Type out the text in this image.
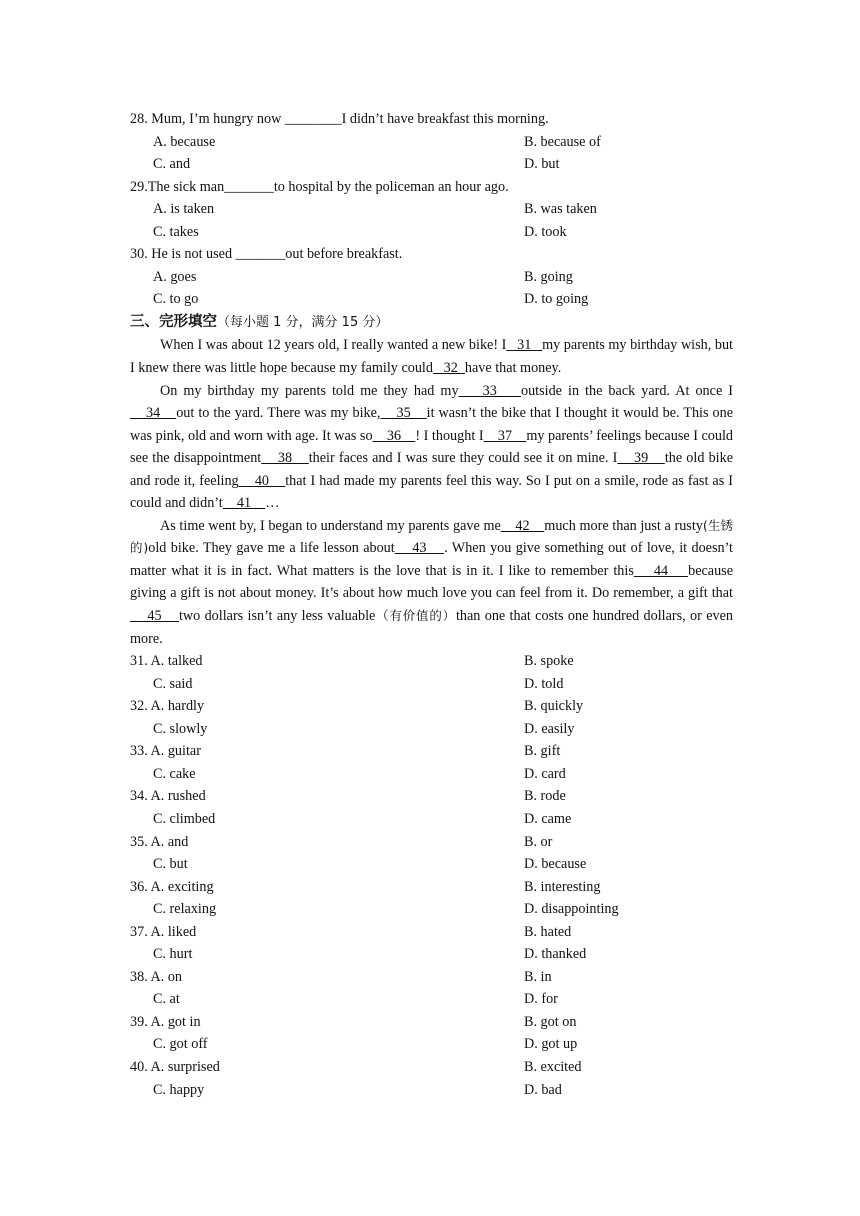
28. Mum, I’m hungry now ________I didn’t have breakfast this morning.
A. because	B. because of
C. and	D. but
29.The sick man_______to hospital by the policeman an hour ago.
A. is taken	B. was taken
C. takes	D. took
30. He is not used _______out before breakfast.
A. goes	B. going
C. to go	D. to going
三、完形填空（每小题 1 分，满分 15 分）

When I was about 12 years old, I really wanted a new bike! I   31   my parents my birthday wish, but I knew there was little hope because my family could   32  have that money.

On my birthday my parents told me they had my    33    outside in the back yard. At once I    34    out to the yard. There was my bike,    35    it wasn’t the bike that I thought it would be. This one was pink, old and worn with age. It was so    36    ! I thought I    37    my parents’ feelings because I could see the disappointment    38    their faces and I was sure they could see it on mine. I    39    the old bike and rode it, feeling    40    that I had made my parents feel this way. So I put on a smile, rode as fast as I could and didn’t    41    …

As time went by, I began to understand my parents gave me    42    much more than just a rusty(生锈的)old bike. They gave me a life lesson about    43    . When you give something out of love, it doesn’t matter what it is in fact. What matters is the love that is in it. I like to remember this    44    because giving a gift is not about money. It’s about how much love you can feel from it. Do remember, a gift that    45    two dollars isn’t any less valuable（有价值的）than one that costs one hundred dollars, or even more.

31. A. talked	B. spoke
C. said	D. told
32. A. hardly	B. quickly
C. slowly	D. easily
33. A. guitar	B. gift
C. cake	D. card
34. A. rushed	B. rode
C. climbed	D. came
35. A. and	B. or
C. but	D. because
36. A. exciting	B. interesting
C. relaxing	D. disappointing
37. A. liked	B. hated
C. hurt	D. thanked
38. A. on	B. in
C. at	D. for
39. A. got in	B. got on
C. got off	D. got up
40. A. surprised	B. excited
C. happy	D. bad
